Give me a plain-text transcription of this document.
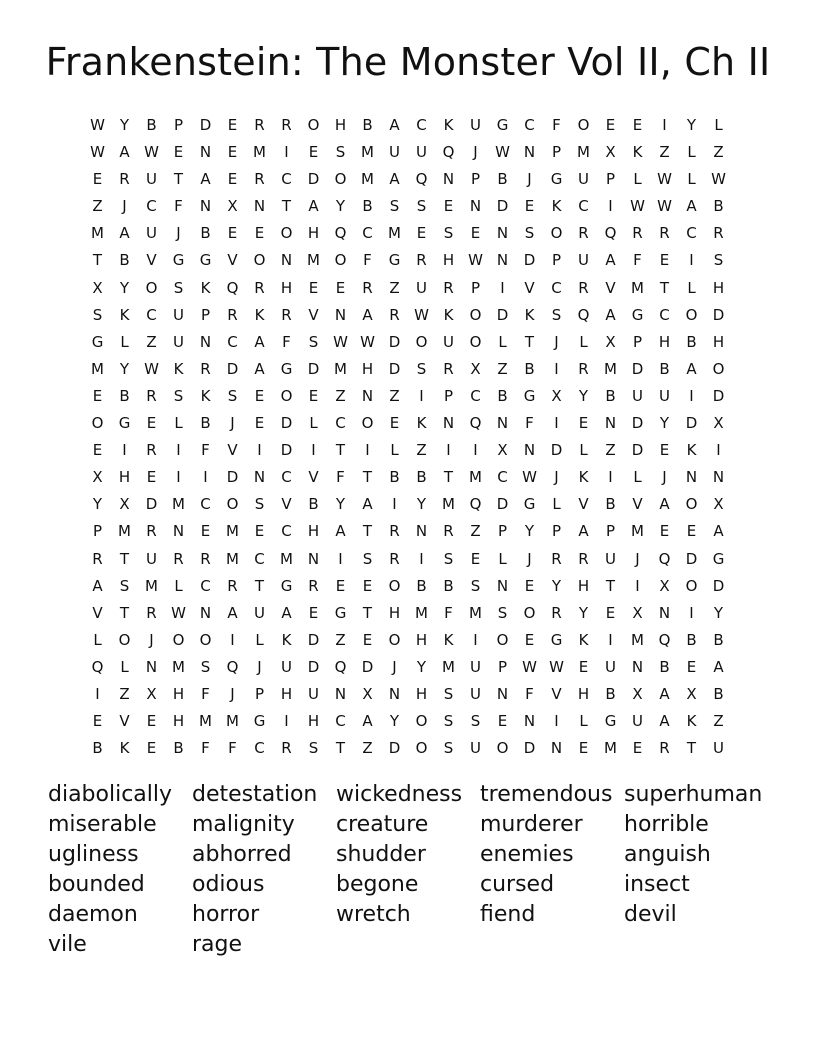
Frankenstein: The Monster Vol II, Ch II
W Y	B	P	D	E	R	R	O	H	B	A	C	K	U	G	C	F	O	E	E	I	Y	L
W A W E	N	E	M	I	E	S	M	U	U	Q	J	W N	P	M	X	K	Z	L	Z
E	R	U	T	A	E	R	C	D	O M	A	Q	N	P	B	J	G	U	P	L	W	L	W
Z	J	C	F	N	X	N	T	A	Y	B	S	S	E	N	D	E	K	C	I	W W A	B
M	A	U	J	B	E	E	O	H	Q	C	M	E	S	E	N	S	O	R	Q	R	R	C	R
T	B	V	G	G	V	O	N M O	F	G	R	H W N	D	P	U	A	F	E	I	S
X	Y	O	S	K	Q	R	H	E	E	R	Z	U	R	P	I	V	C	R	V	M	T	L	H
S	K	C	U	P	R	K	R	V	N	A	R W K	O	D	K	S	Q	A	G	C	O	D
G	L	Z	U	N	C	A	F	S W W D	O	U	O	L	T	J	L	X	P	H	B	H
M	Y	W K	R	D	A	G	D M H	D	S	R	X	Z	B	I	R	M D	B	A	O
E	B	R	S	K	S	E	O	E	Z	N	Z	I	P	C	B	G	X	Y	B	U	U	I	D
O	G	E	L	B	J	E	D	L	C	O	E	K	N	Q	N	F	I	E	N	D	Y	D	X
E	I	R	I	F	V	I	D	I	T	I	L	Z	I	I	X	N	D	L	Z	D	E	K	I
X	H	E	I	I	D	N	C	V	F	T	B	B	T	M	C W	J	K	I	L	J	N	N
Y	X	D M	C	O	S	V	B	Y	A	I	Y	M Q	D	G	L	V	B	V	A	O	X
P	M	R	N	E	M	E	C	H	A	T	R	N	R	Z	P	Y	P	A	P	M	E	E	A
R	T	U	R	R	M	C	M N	I	S	R	I	S	E	L	J	R	R	U	J	Q	D	G
A	S	M	L	C	R	T	G	R	E	E	O	B	B	S	N	E	Y	H	T	I	X	O	D
V	T	R W N	A	U	A	E	G	T	H M	F	M	S	O	R	Y	E	X	N	I	Y
L	O	J	O	O	I	L	K	D	Z	E	O	H	K	I	O	E	G	K	I	M Q	B	B
Q	L	N M	S	Q	J	U	D	Q	D	J	Y	M	U	P	W W E	U	N	B	E	A
I	Z	X	H	F	J	P	H	U	N	X	N	H	S	U	N	F	V	H	B	X	A	X	B
E	V	E	H M M G	I	H	C	A	Y	O	S	S	E	N	I	L	G	U	A	K	Z
B	K	E	B	F	F	C	R	S	T	Z	D	O	S	U	O	D	N	E	M	E	R	T	U
diabolically detestation wickedness tremendous superhuman
miserable	malignity	creature	murderer	horrible
ugliness	abhorred	shudder	enemies	anguish
bounded	odious	begone	cursed	insect
daemon	horror	wretch	fiend	devil
vile	rage
